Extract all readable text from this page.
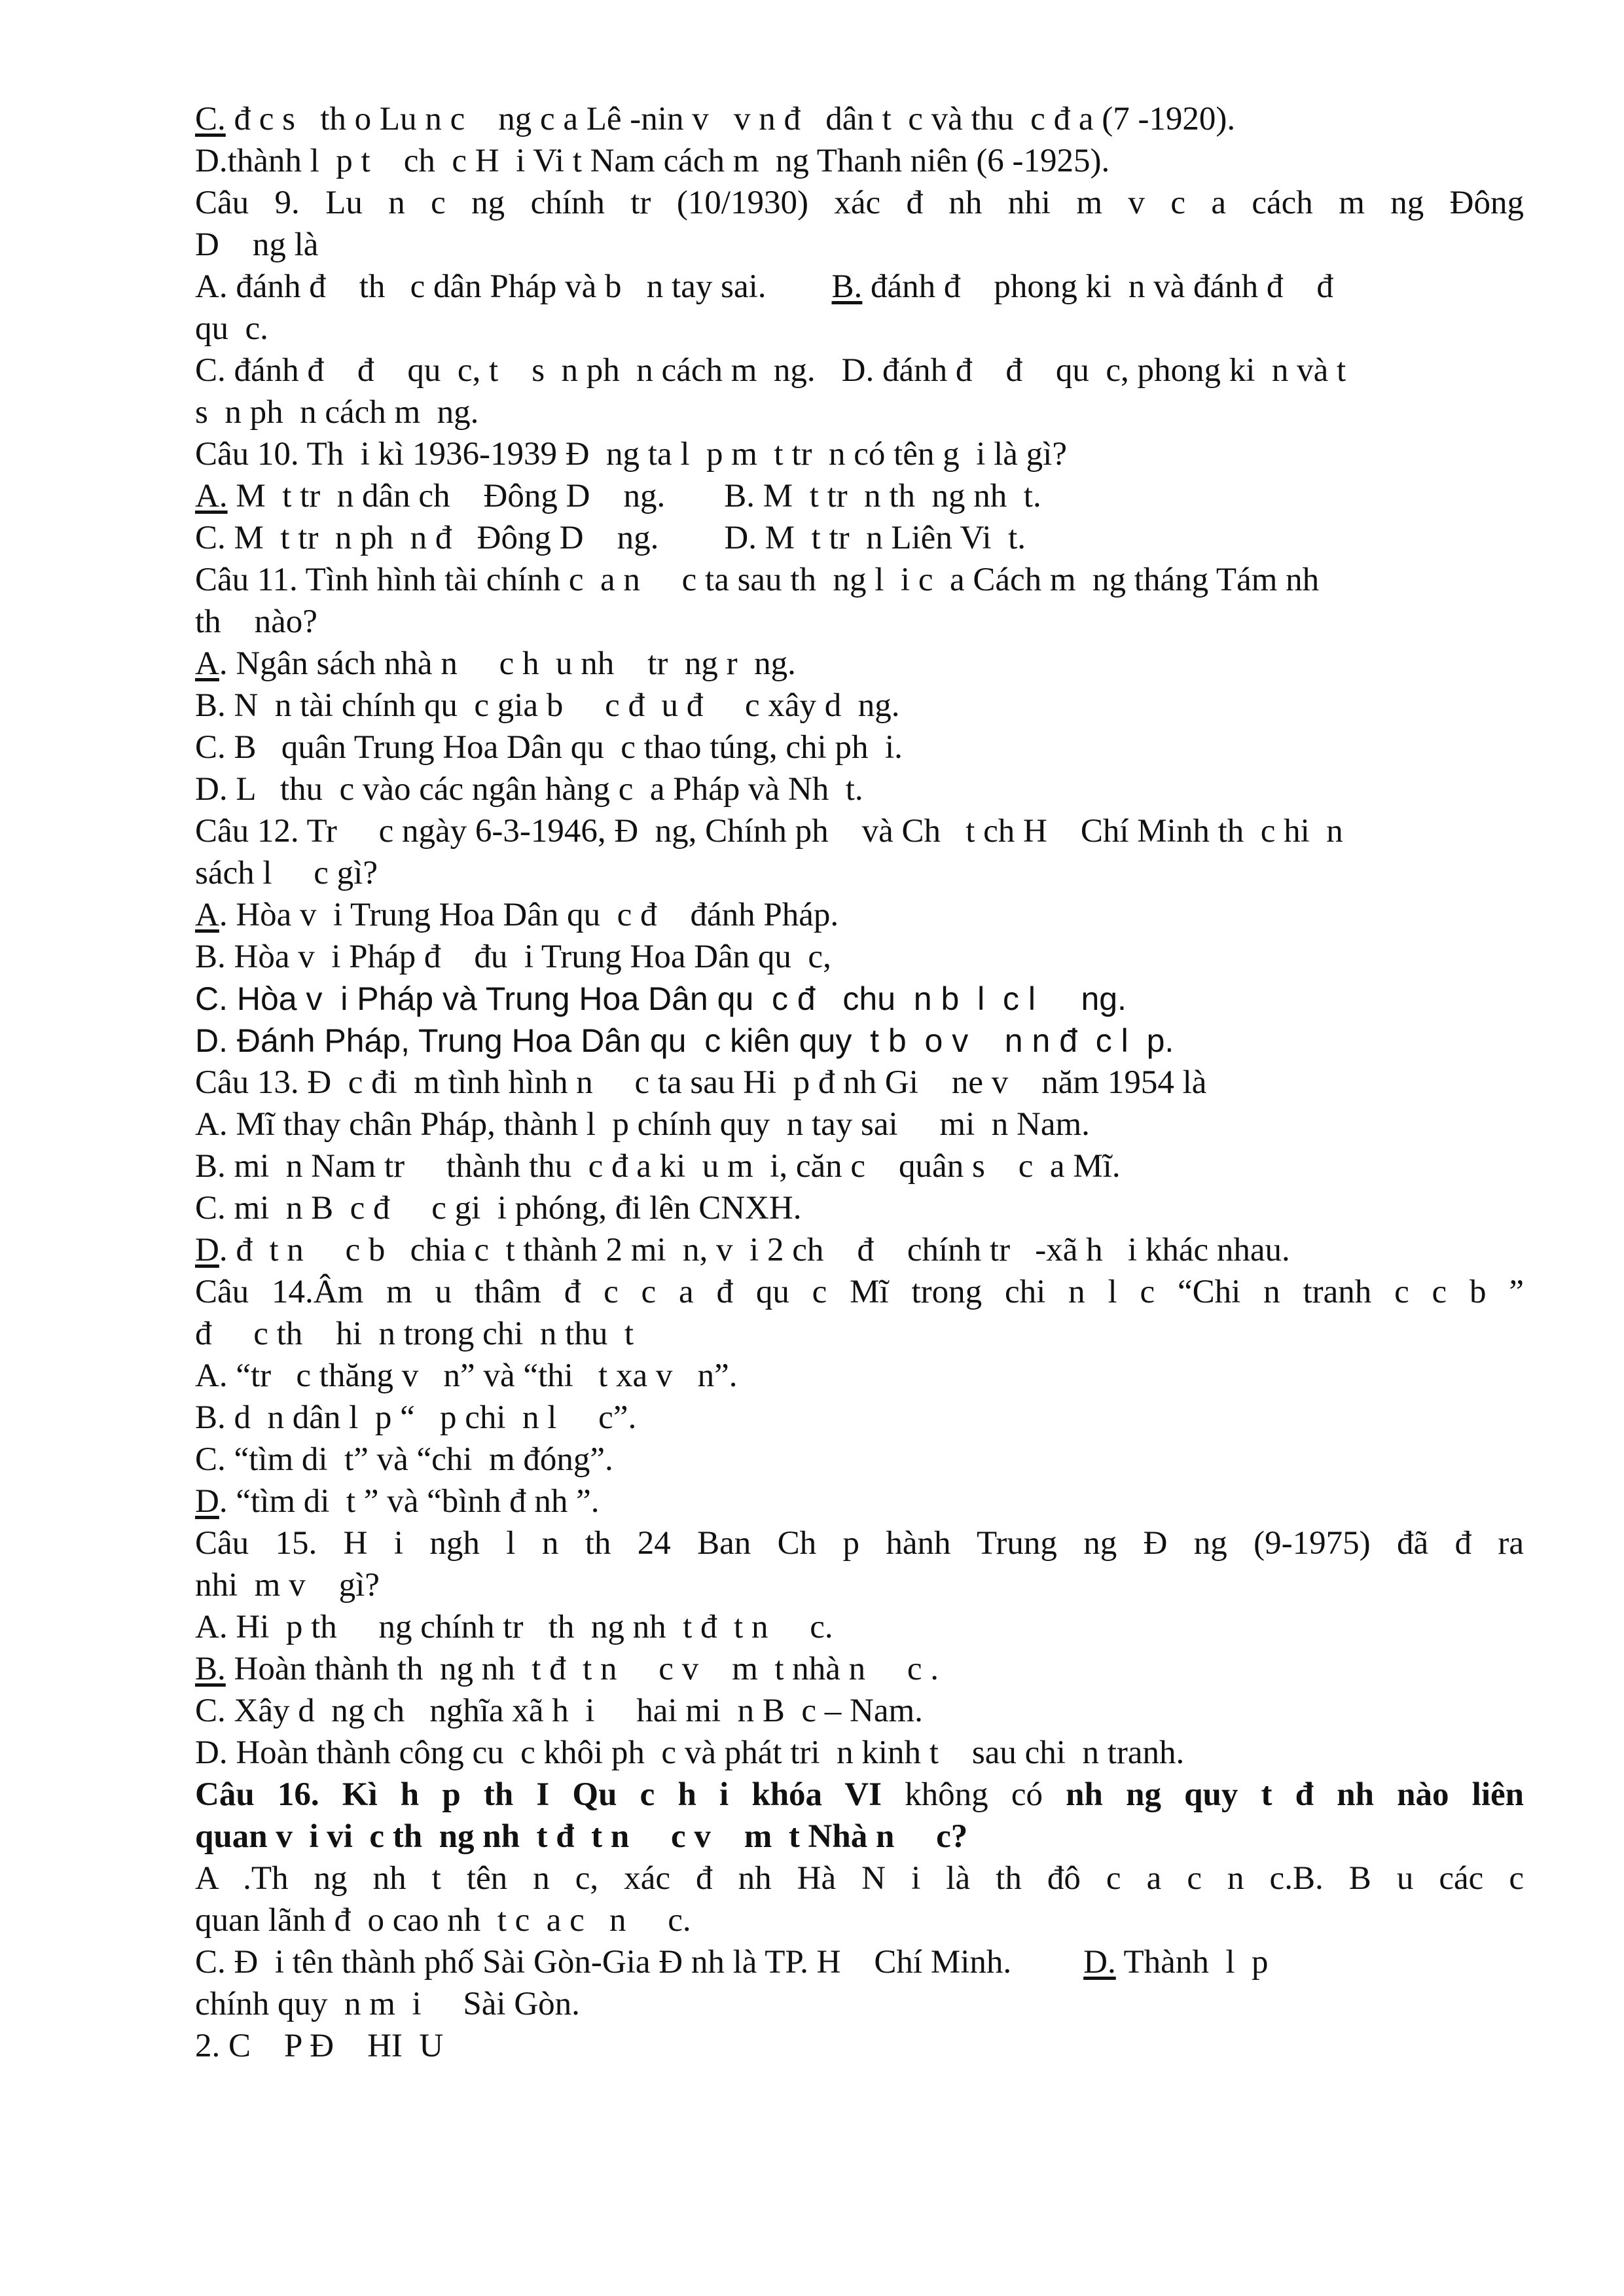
C. đ c s   th o Lu n c    ng c a Lê -nin v   v n đ   dân t  c và thu  c đ a (7 -1920).
D.thành l  p t    ch  c H  i Vi t Nam cách m  ng Thanh niên (6 -1925).
Câu 9. Lu n c ng chính tr (10/1930) xác đ nh nhi m v c a cách m ng Đông
D    ng là
A. đánh đ    th   c dân Pháp và b   n tay sai. B. đánh đ    phong ki  n và đánh đ    đ
qu  c.
C. đánh đ    đ    qu  c, t    s  n ph  n cách m  ng. D. đánh đ    đ    qu  c, phong ki  n và t
s  n ph  n cách m  ng.
Câu 10. Th  i kì 1936-1939 Đ  ng ta l  p m  t tr  n có tên g  i là gì?
A. M  t tr  n dân ch    Đông D    ng. B. M  t tr  n th  ng nh  t.
C. M  t tr  n ph  n đ   Đông D    ng. D. M  t tr  n Liên Vi  t.
Câu 11. Tình hình tài chính c  a n     c ta sau th  ng l  i c  a Cách m  ng tháng Tám nh
th    nào?
A. Ngân sách nhà n     c h  u nh    tr  ng r  ng.
B. N  n tài chính qu  c gia b     c đ  u đ     c xây d  ng.
C. B   quân Trung Hoa Dân qu  c thao túng, chi ph  i.
D. L   thu  c vào các ngân hàng c  a Pháp và Nh  t.
Câu 12. Tr     c ngày 6-3-1946, Đ  ng, Chính ph    và Ch   t ch H    Chí Minh th  c hi  n
sách l     c gì?
A. Hòa v  i Trung Hoa Dân qu  c đ    đánh Pháp.
B. Hòa v  i Pháp đ    đu  i Trung Hoa Dân qu  c,
C. Hòa v  i Pháp và Trung Hoa Dân qu  c đ   chu  n b  l  c l     ng.
D. Đánh Pháp, Trung Hoa Dân qu  c kiên quy  t b  o v    n n đ  c l  p.
Câu 13. Đ  c đi  m tình hình n     c ta sau Hi  p đ nh Gi    ne v    năm 1954 là
A. Mĩ thay chân Pháp, thành l  p chính quy  n tay sai     mi  n Nam.
B. mi  n Nam tr     thành thu  c đ a ki  u m  i, căn c    quân s    c  a Mĩ.
C. mi  n B  c đ     c gi  i phóng, đi lên CNXH.
D. đ  t n     c b   chia c  t thành 2 mi  n, v  i 2 ch    đ    chính tr   -xã h   i khác nhau.
Câu 14.Âm m u thâm đ c c a đ qu c Mĩ trong chi n l c “Chi n tranh c c b ”
đ     c th    hi  n trong chi  n thu  t
A. “tr   c thăng v   n” và “thi   t xa v   n”.
B. d  n dân l  p “   p chi  n l     c”.
C. “tìm di  t” và “chi  m đóng”.
D. “tìm di  t ” và “bình đ nh ”.
Câu 15. H i ngh l n th 24 Ban Ch p hành Trung ng Đ ng (9-1975) đã đ ra
nhi  m v    gì?
A. Hi  p th     ng chính tr   th  ng nh  t đ  t n     c.
B. Hoàn thành th  ng nh  t đ  t n     c v    m  t nhà n     c .
C. Xây d  ng ch   nghĩa xã h  i     hai mi  n B  c – Nam.
D. Hoàn thành công cu  c khôi ph  c và phát tri  n kinh t    sau chi  n tranh.
Câu 16. Kì h p th I Qu c h i khóa VI không có nh ng quy t đ nh nào liên
quan v  i vi  c th  ng nh  t đ  t n     c v    m  t Nhà n     c?
A .Th ng nh t tên n c, xác đ nh Hà N i là th đô c a c n c.B. B u các c
quan lãnh đ  o cao nh  t c  a c   n     c.
C. Đ  i tên thành phố Sài Gòn-Gia Đ nh là TP. H    Chí Minh. D. Thành  l  p
chính quy  n m  i     Sài Gòn.
2. C    P Đ    HI  U
